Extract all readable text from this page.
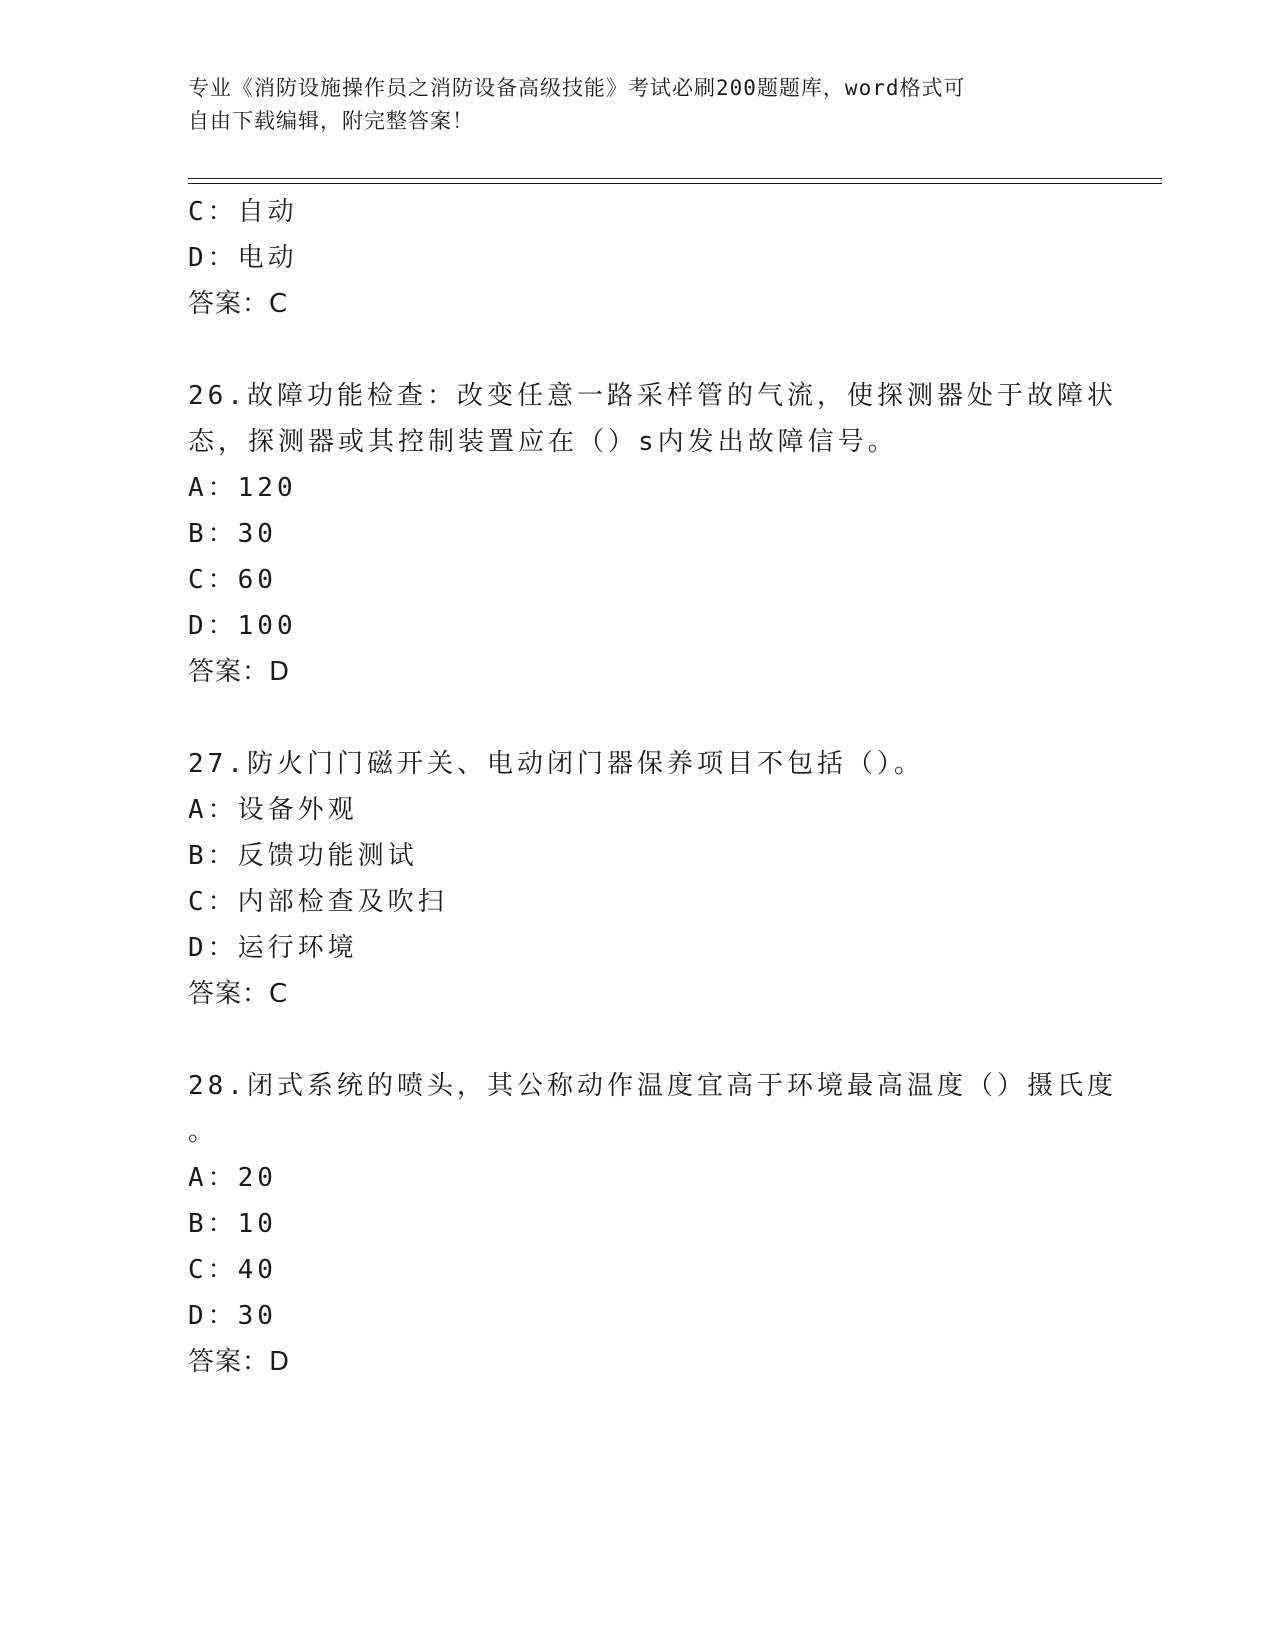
专业《消防设施操作员之消防设备高级技能》考试必刷200题题库，word格式可
自由下载编辑，附完整答案！
C：自动
D：电动
答案：C
26.故障功能检查：改变任意一路采样管的气流，使探测器处于故障状
态，探测器或其控制装置应在（）s内发出故障信号。
A：120
B：30
C：60
D：100
答案：D
27.防火门门磁开关、电动闭门器保养项目不包括（）。
A：设备外观
B：反馈功能测试
C：内部检查及吹扫
D：运行环境
答案：C
28.闭式系统的喷头，其公称动作温度宜高于环境最高温度（）摄氏度
。
A：20
B：10
C：40
D：30
答案：D
